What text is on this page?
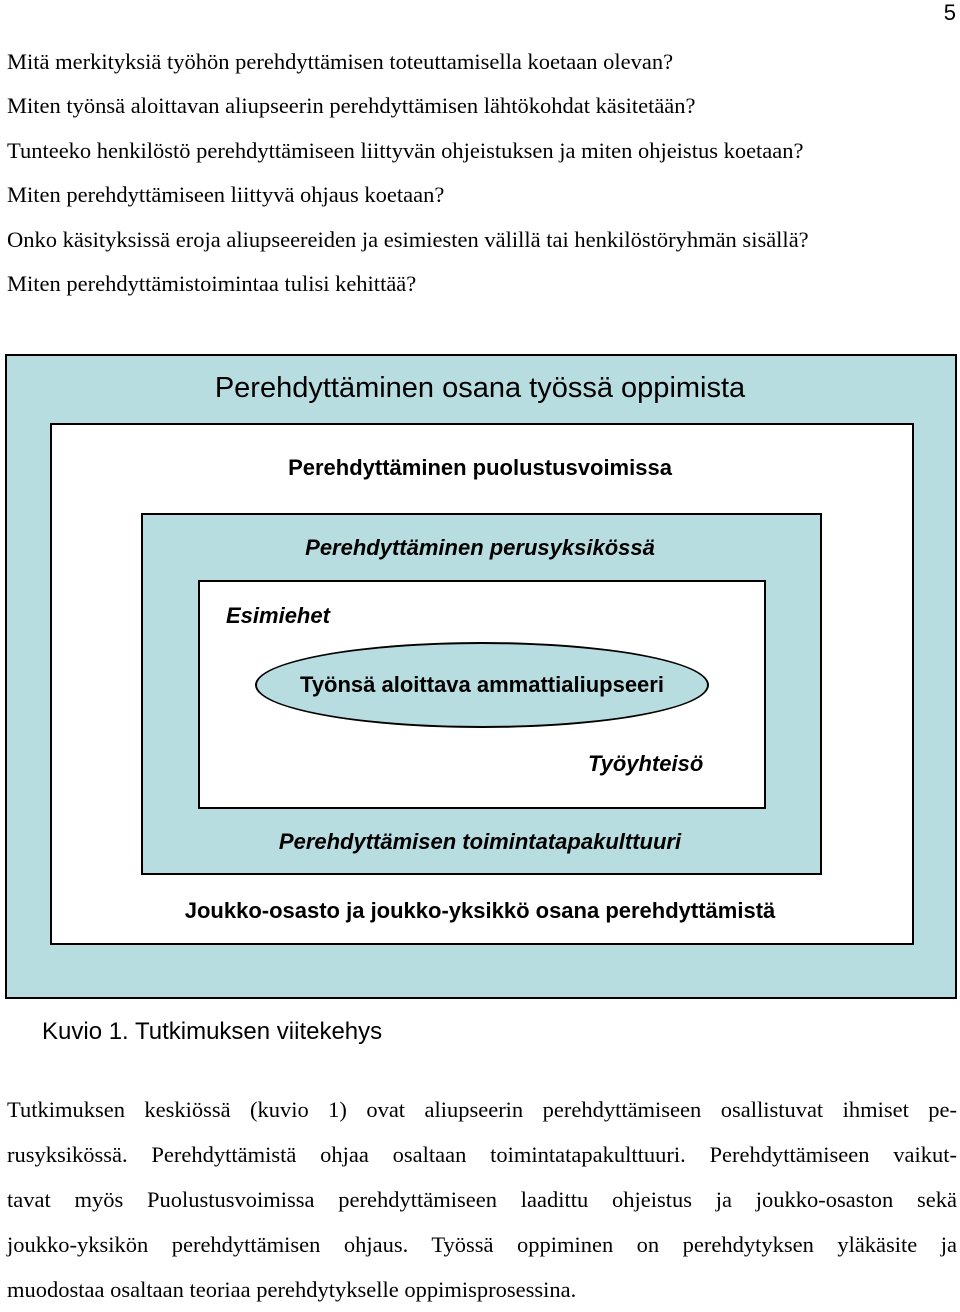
5
Mitä merkityksiä työhön perehdyttämisen toteuttamisella koetaan olevan?
Miten työnsä aloittavan aliupseerin perehdyttämisen lähtökohdat käsitetään?
Tunteeko henkilöstö perehdyttämiseen liittyvän ohjeistuksen ja miten ohjeistus koetaan?
Miten perehdyttämiseen liittyvä ohjaus koetaan?
Onko käsityksissä eroja aliupseereiden ja esimiesten välillä tai henkilöstöryhmän sisällä?
Miten perehdyttämistoimintaa tulisi kehittää?
Perehdyttäminen osana työssä oppimista
Perehdyttäminen puolustusvoimissa
Perehdyttäminen perusyksikössä
Esimiehet
Työnsä aloittava ammattialiupseeri
Työyhteisö
Perehdyttämisen toimintatapakulttuuri
Joukko-osasto ja joukko-yksikkö osana perehdyttämistä
Kuvio 1. Tutkimuksen viitekehys
Tutkimuksen keskiössä (kuvio 1) ovat aliupseerin perehdyttämiseen osallistuvat ihmiset pe-
rusyksikössä. Perehdyttämistä ohjaa osaltaan toimintatapakulttuuri. Perehdyttämiseen vaikut-
tavat myös Puolustusvoimissa perehdyttämiseen laadittu ohjeistus ja joukko-osaston sekä
joukko-yksikön perehdyttämisen ohjaus. Työssä oppiminen on perehdytyksen yläkäsite ja
muodostaa osaltaan teoriaa perehdytykselle oppimisprosessina.
